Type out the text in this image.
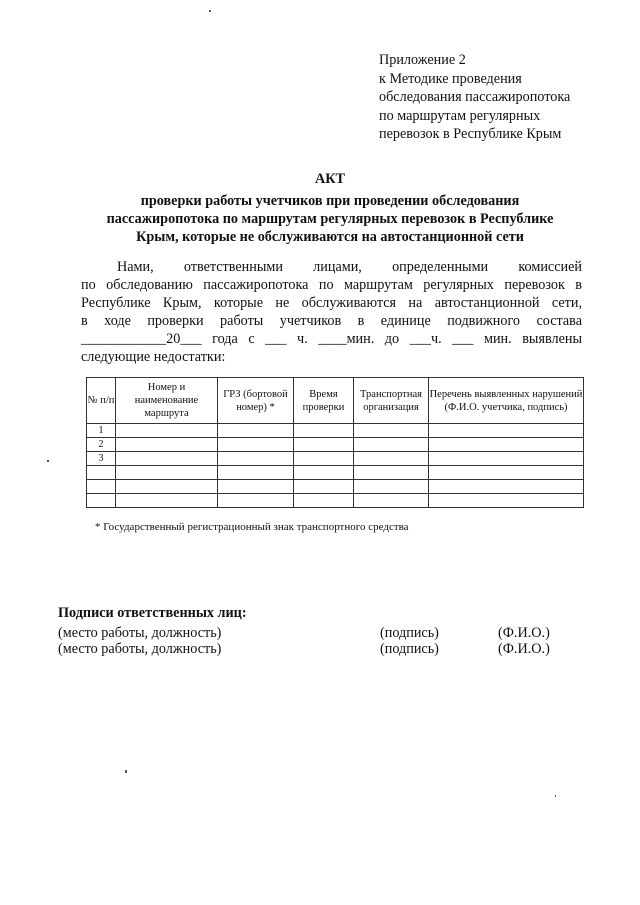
Приложение 2
к Методике проведения
обследования пассажиропотока
по маршрутам регулярных
перевозок в Республике Крым
АКТ
проверки работы учетчиков при проведении обследования
пассажиропотока по маршрутам регулярных перевозок в Республике
Крым, которые не обслуживаются на автостанционной сети
Нами, ответственными лицами, определенными комиссией
по обследованию пассажиропотока по маршрутам регулярных перевозок в
Республике Крым, которые не обслуживаются на автостанционной сети,
в ходе проверки работы учетчиков в единице подвижного состава
____________20___ года с ___ ч. ____мин. до ___ч. ___ мин. выявлены
следующие недостатки:
№ п/п	Номер и наименование маршрута	ГРЗ (бортовой номер) *	Время проверки	Транспортная организация	Перечень выявленных нарушений (Ф.И.О. учетчика, подпись)
1					
2					
3					

* Государственный регистрационный знак транспортного средства
Подписи ответственных лиц:
(место работы, должность)	(подпись)	(Ф.И.О.)
(место работы, должность)	(подпись)	(Ф.И.О.)
